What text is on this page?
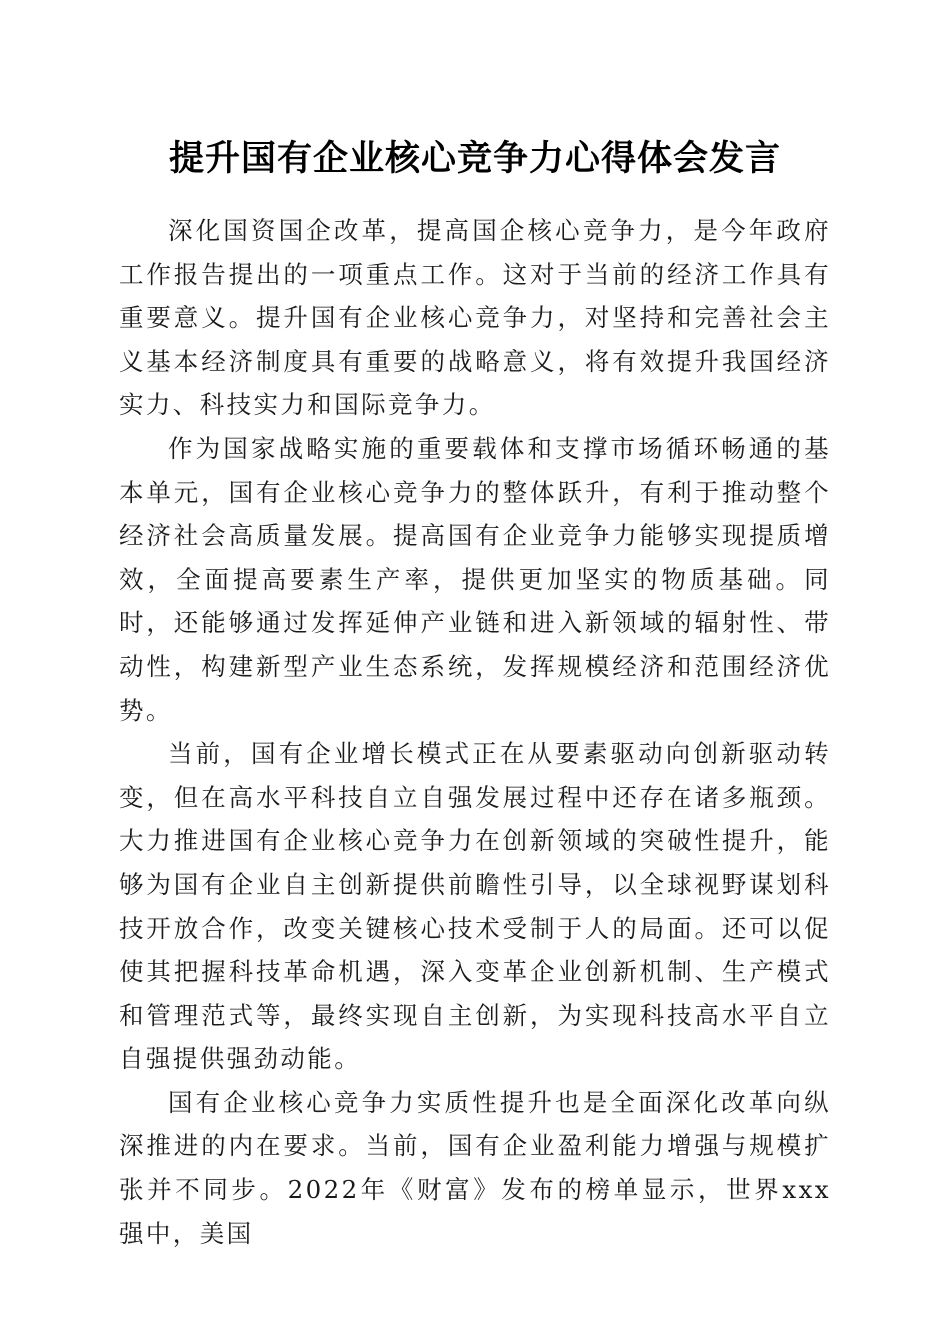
提升国有企业核心竞争力心得体会发言

深化国资国企改革，提高国企核心竞争力，是今年政府工作报告提出的一项重点工作。这对于当前的经济工作具有重要意义。提升国有企业核心竞争力，对坚持和完善社会主义基本经济制度具有重要的战略意义，将有效提升我国经济实力、科技实力和国际竞争力。

作为国家战略实施的重要载体和支撑市场循环畅通的基本单元，国有企业核心竞争力的整体跃升，有利于推动整个经济社会高质量发展。提高国有企业竞争力能够实现提质增效，全面提高要素生产率，提供更加坚实的物质基础。同时，还能够通过发挥延伸产业链和进入新领域的辐射性、带动性，构建新型产业生态系统，发挥规模经济和范围经济优势。

当前，国有企业增长模式正在从要素驱动向创新驱动转变，但在高水平科技自立自强发展过程中还存在诸多瓶颈。大力推进国有企业核心竞争力在创新领域的突破性提升，能够为国有企业自主创新提供前瞻性引导，以全球视野谋划科技开放合作，改变关键核心技术受制于人的局面。还可以促使其把握科技革命机遇，深入变革企业创新机制、生产模式和管理范式等，最终实现自主创新，为实现科技高水平自立自强提供强劲动能。

国有企业核心竞争力实质性提升也是全面深化改革向纵深推进的内在要求。当前，国有企业盈利能力增强与规模扩张并不同步。2022年《财富》发布的榜单显示，世界xxx强中，美国
